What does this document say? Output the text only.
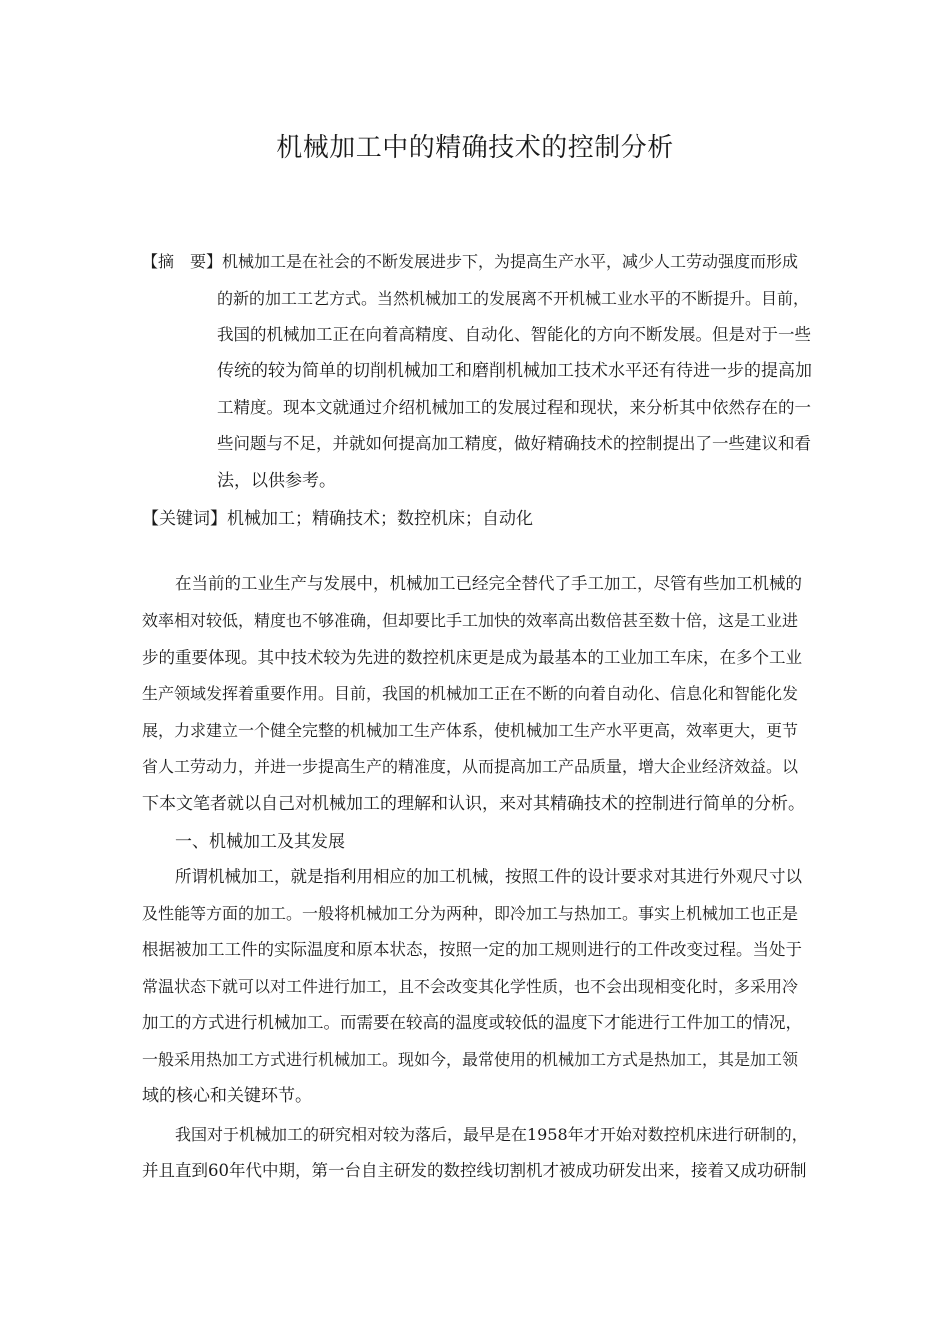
机械加工中的精确技术的控制分析

【摘　要】机械加工是在社会的不断发展进步下，为提高生产水平，减少人工劳动强度而形成

的新的加工工艺方式。当然机械加工的发展离不开机械工业水平的不断提升。目前，

我国的机械加工正在向着高精度、自动化、智能化的方向不断发展。但是对于一些

传统的较为简单的切削机械加工和磨削机械加工技术水平还有待进一步的提高加

工精度。现本文就通过介绍机械加工的发展过程和现状，来分析其中依然存在的一

些问题与不足，并就如何提高加工精度，做好精确技术的控制提出了一些建议和看

法，以供参考。

【关键词】机械加工；精确技术；数控机床；自动化

在当前的工业生产与发展中，机械加工已经完全替代了手工加工，尽管有些加工机械的

效率相对较低，精度也不够准确，但却要比手工加快的效率高出数倍甚至数十倍，这是工业进

步的重要体现。其中技术较为先进的数控机床更是成为最基本的工业加工车床，在多个工业

生产领域发挥着重要作用。目前，我国的机械加工正在不断的向着自动化、信息化和智能化发

展，力求建立一个健全完整的机械加工生产体系，使机械加工生产水平更高，效率更大，更节

省人工劳动力，并进一步提高生产的精准度，从而提高加工产品质量，增大企业经济效益。以

下本文笔者就以自己对机械加工的理解和认识，来对其精确技术的控制进行简单的分析。

一、机械加工及其发展

所谓机械加工，就是指利用相应的加工机械，按照工件的设计要求对其进行外观尺寸以

及性能等方面的加工。一般将机械加工分为两种，即冷加工与热加工。事实上机械加工也正是

根据被加工工件的实际温度和原本状态，按照一定的加工规则进行的工件改变过程。当处于

常温状态下就可以对工件进行加工，且不会改变其化学性质，也不会出现相变化时，多采用冷

加工的方式进行机械加工。而需要在较高的温度或较低的温度下才能进行工件加工的情况，

一般采用热加工方式进行机械加工。现如今，最常使用的机械加工方式是热加工，其是加工领

域的核心和关键环节。

我国对于机械加工的研究相对较为落后，最早是在1958年才开始对数控机床进行研制的，

并且直到60年代中期，第一台自主研发的数控线切割机才被成功研发出来，接着又成功研制
